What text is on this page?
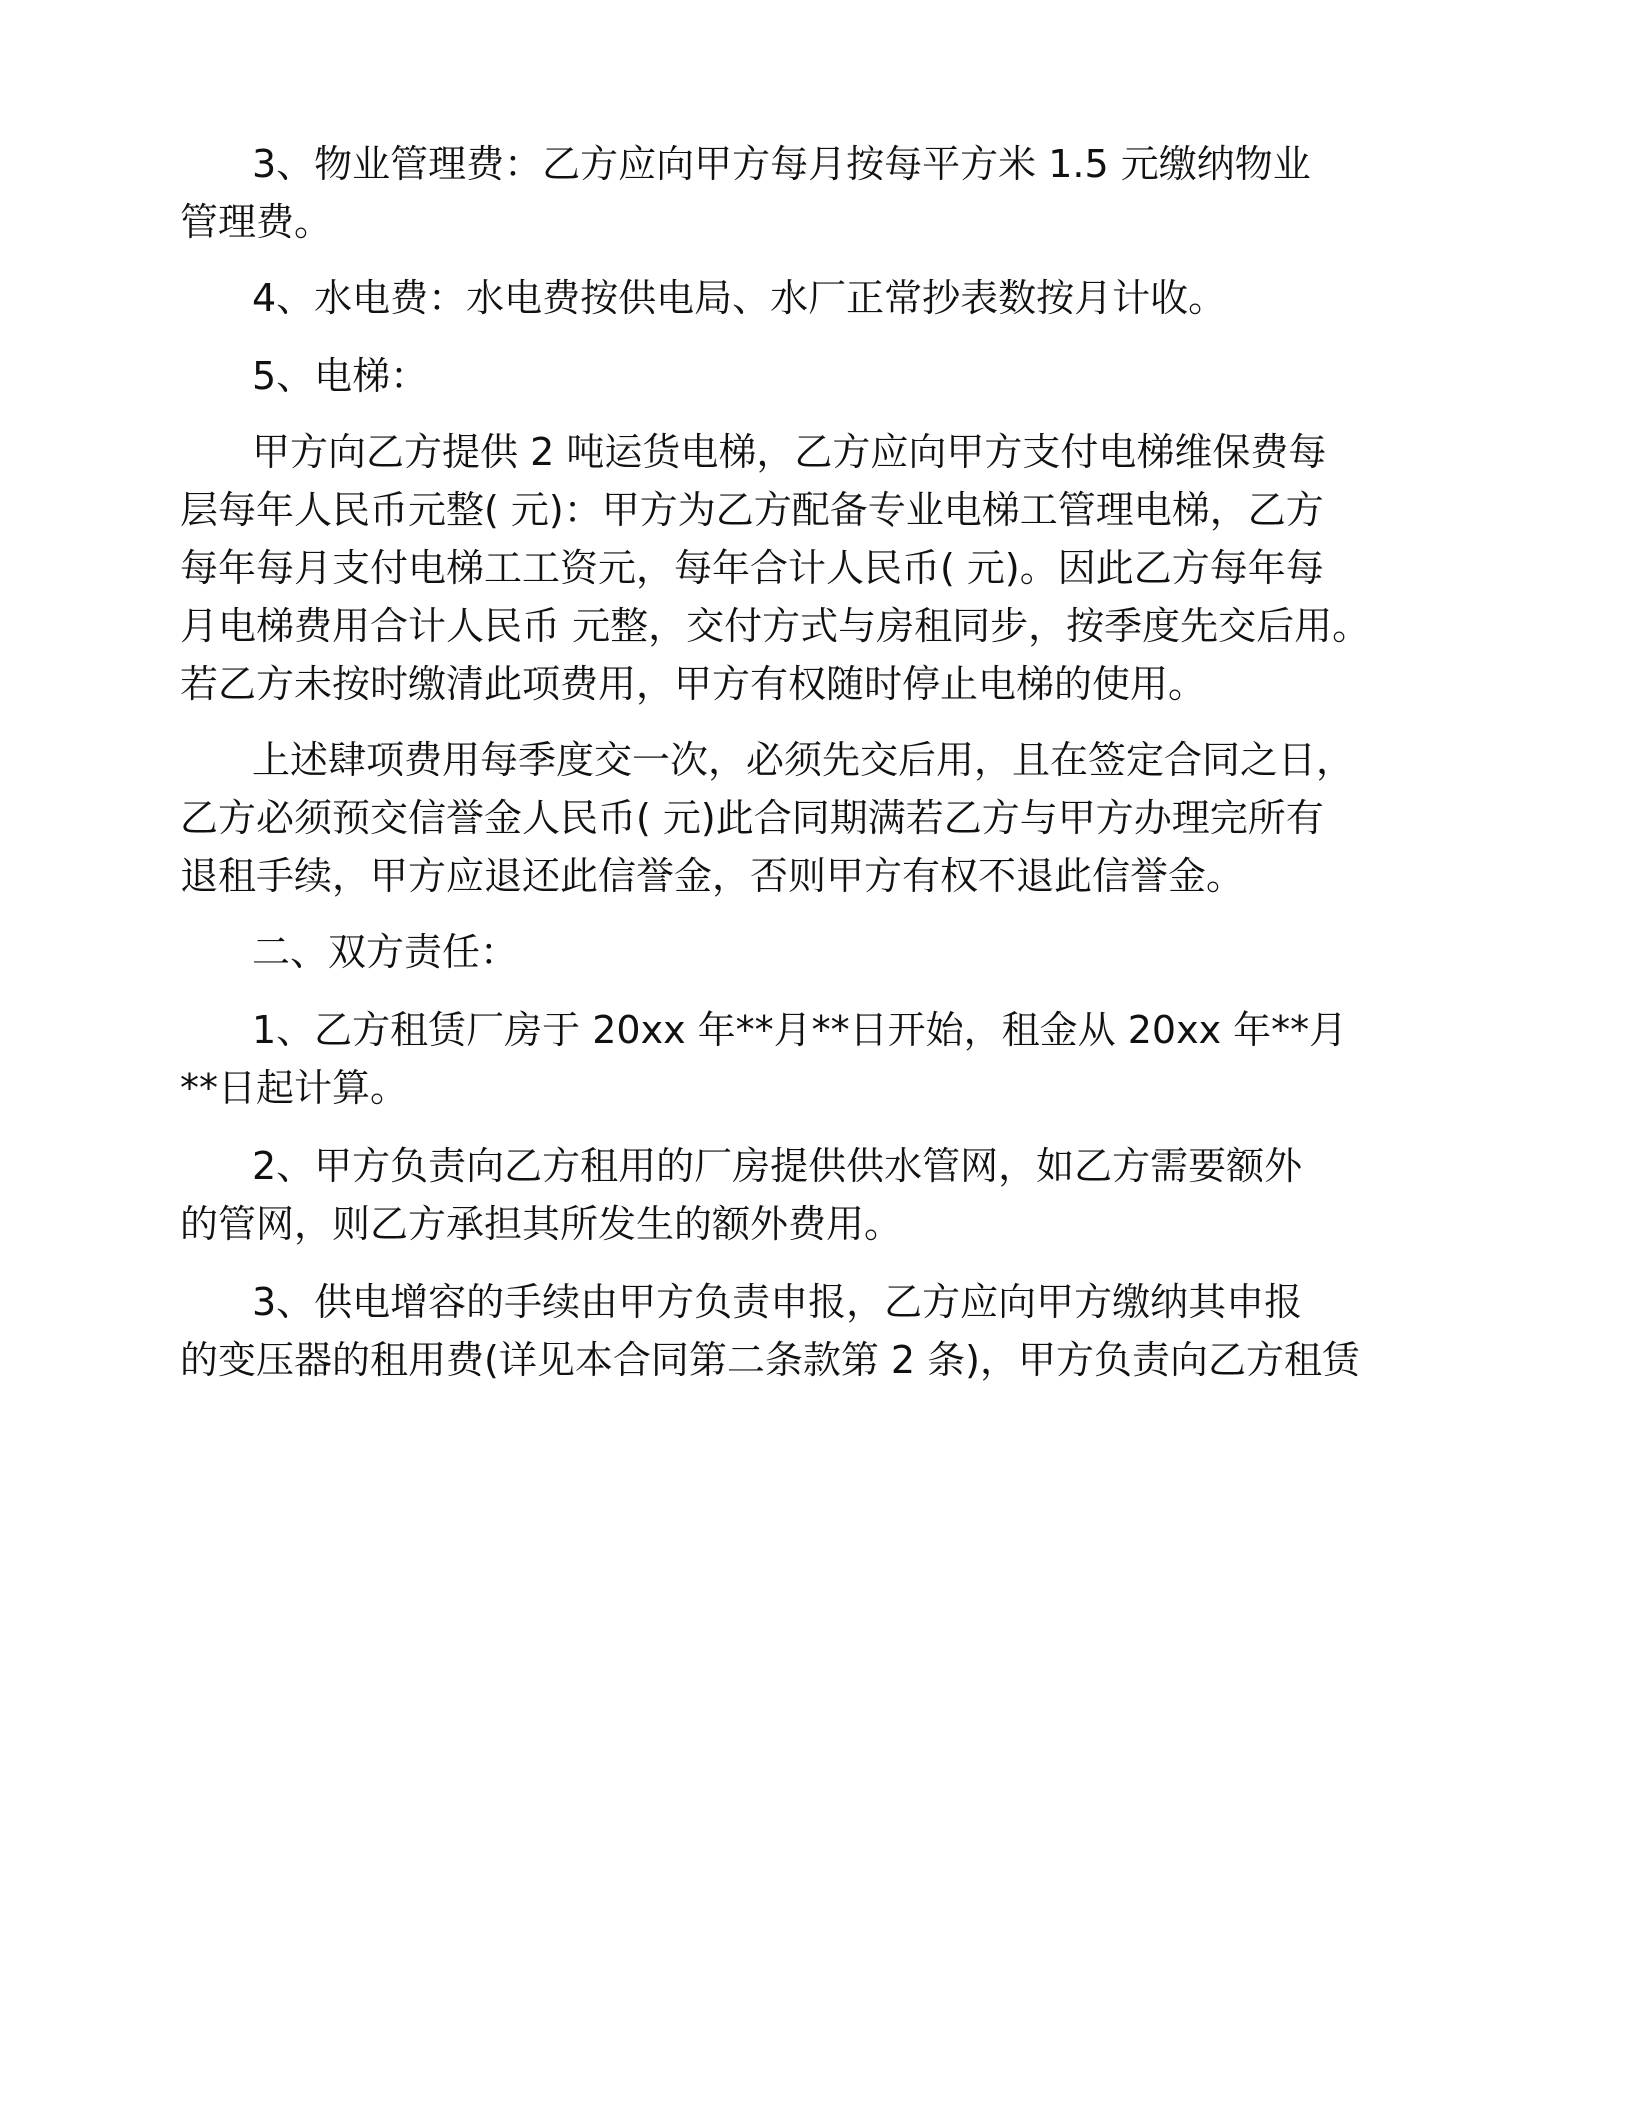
3、物业管理费：乙方应向甲方每月按每平方米 1.5 元缴纳物业
管理费。
4、水电费：水电费按供电局、水厂正常抄表数按月计收。
5、电梯：
甲方向乙方提供 2 吨运货电梯，乙方应向甲方支付电梯维保费每
层每年人民币元整( 元)：甲方为乙方配备专业电梯工管理电梯，乙方
每年每月支付电梯工工资元，每年合计人民币( 元)。因此乙方每年每
月电梯费用合计人民币 元整，交付方式与房租同步，按季度先交后用。
若乙方未按时缴清此项费用，甲方有权随时停止电梯的使用。
上述肆项费用每季度交一次，必须先交后用，且在签定合同之日，
乙方必须预交信誉金人民币( 元)此合同期满若乙方与甲方办理完所有
退租手续，甲方应退还此信誉金，否则甲方有权不退此信誉金。
二、双方责任：
1、乙方租赁厂房于 20xx 年**月**日开始，租金从 20xx 年**月
**日起计算。
2、甲方负责向乙方租用的厂房提供供水管网，如乙方需要额外
的管网，则乙方承担其所发生的额外费用。
3、供电增容的手续由甲方负责申报，乙方应向甲方缴纳其申报
的变压器的租用费(详见本合同第二条款第 2 条)，甲方负责向乙方租赁
